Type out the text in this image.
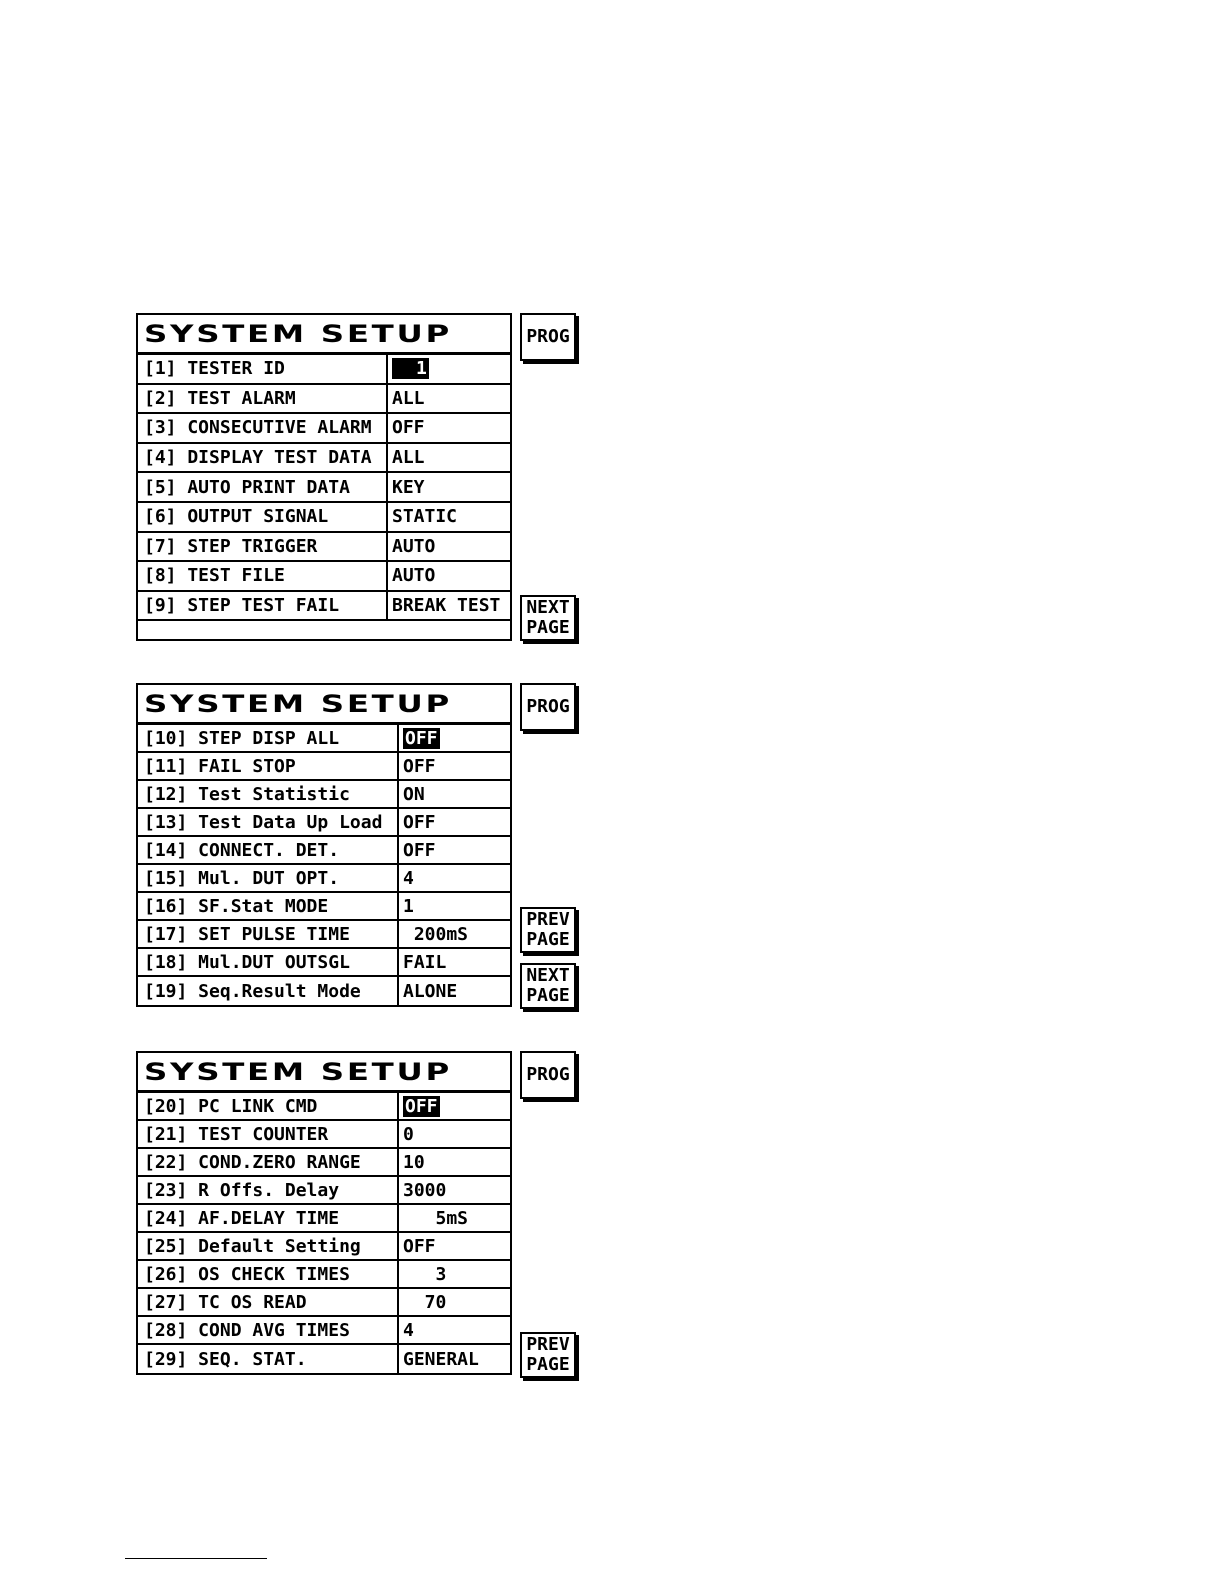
SYSTEM SETUP
[1] TESTER ID	1
[2] TEST ALARM	ALL
[3] CONSECUTIVE ALARM	OFF
[4] DISPLAY TEST DATA	ALL
[5] AUTO PRINT DATA	KEY
[6] OUTPUT SIGNAL	STATIC
[7] STEP TRIGGER	AUTO
[8] TEST FILE	AUTO
[9] STEP TEST FAIL	BREAK TEST
PROG
NEXT
PAGE
SYSTEM SETUP
[10] STEP DISP ALL	OFF
[11] FAIL STOP	OFF
[12] Test Statistic	ON
[13] Test Data Up Load	OFF
[14] CONNECT. DET.	OFF
[15] Mul. DUT OPT.	4
[16] SF.Stat MODE	1
[17] SET PULSE TIME	200mS
[18] Mul.DUT OUTSGL	FAIL
[19] Seq.Result Mode	ALONE
PROG
PREV
PAGE
NEXT
PAGE
SYSTEM SETUP
[20] PC LINK CMD	OFF
[21] TEST COUNTER	0
[22] COND.ZERO RANGE	10
[23] R Offs. Delay	3000
[24] AF.DELAY TIME	5mS
[25] Default Setting	OFF
[26] OS CHECK TIMES	3
[27] TC OS READ	70
[28] COND AVG TIMES	4
[29] SEQ. STAT.	GENERAL
PROG
PREV
PAGE
